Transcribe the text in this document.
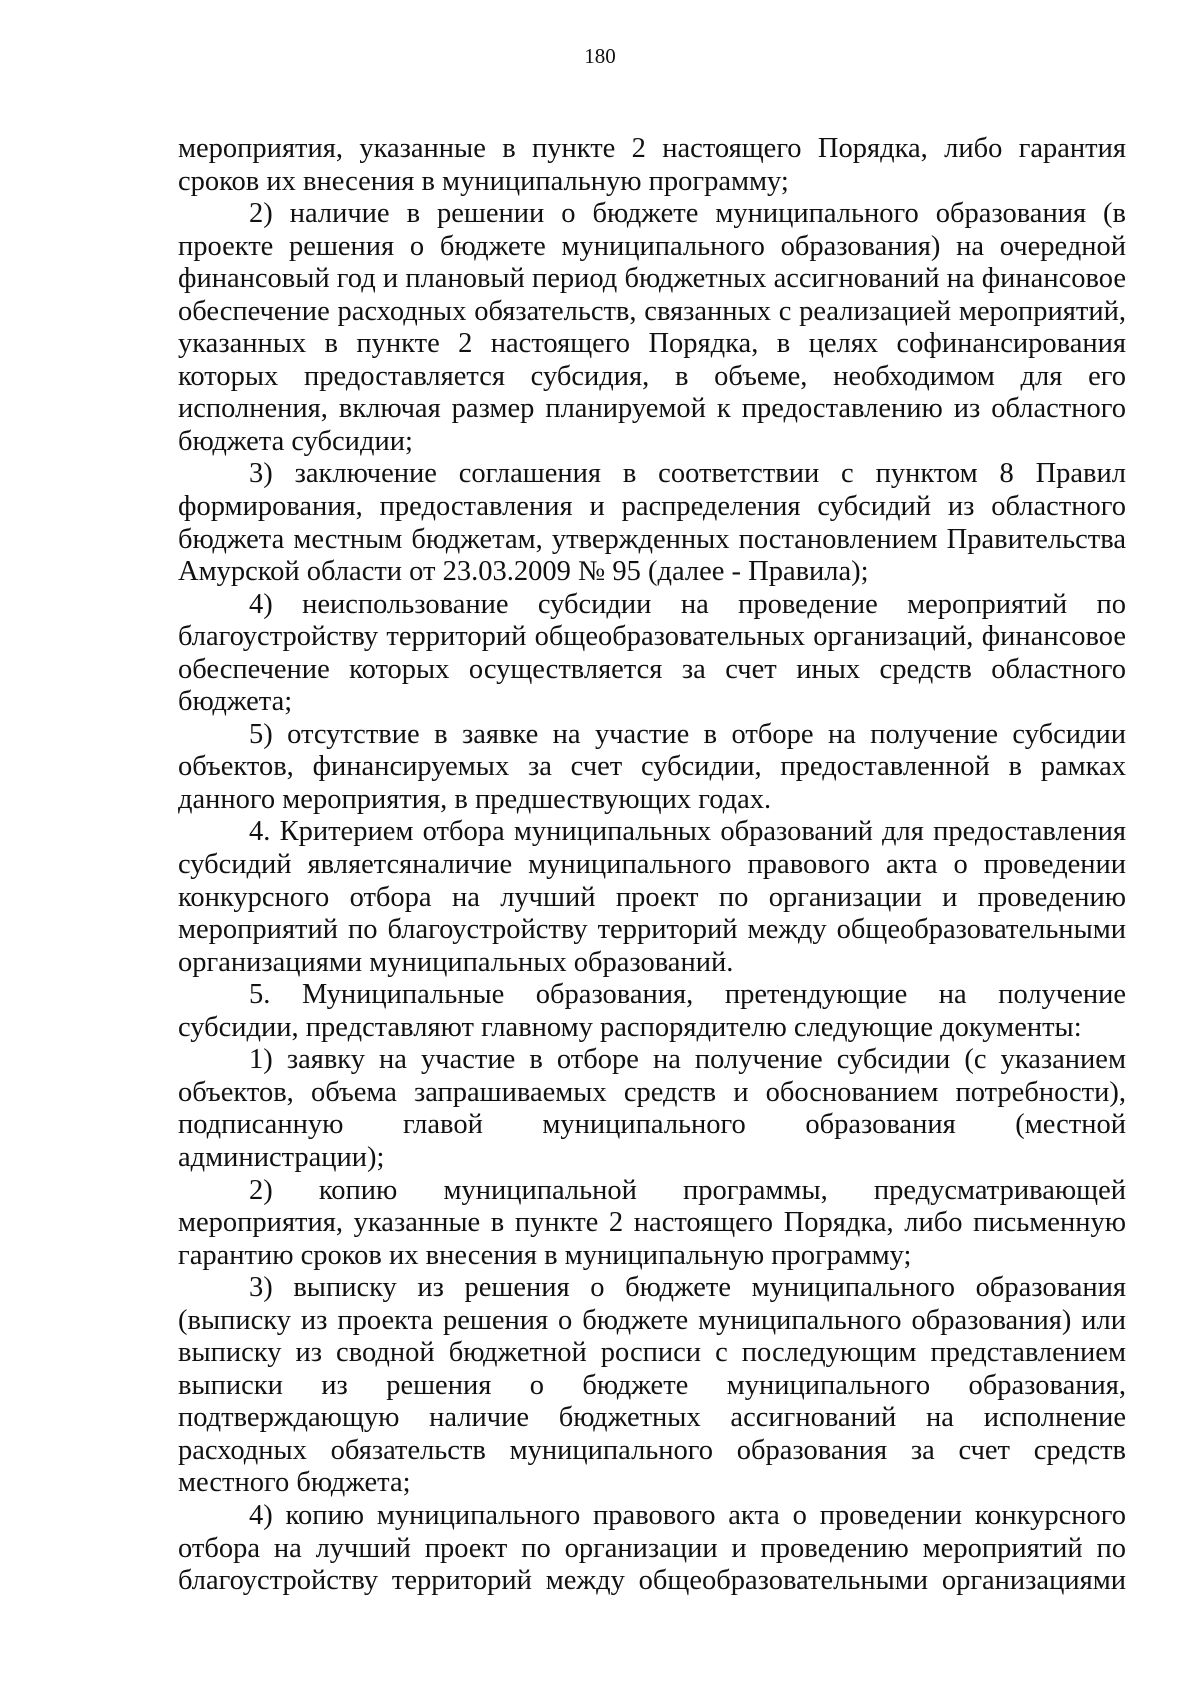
180

мероприятия, указанные в пункте 2 настоящего Порядка, либо гарантия сроков их внесения в муниципальную программу;

2) наличие в решении о бюджете муниципального образования (в проекте решения о бюджете муниципального образования) на очередной финансовый год и плановый период бюджетных ассигнований на финансовое обеспечение расходных обязательств, связанных с реализацией мероприятий, указанных в пункте 2 настоящего Порядка, в целях софинансирования которых предоставляется субсидия, в объеме, необходимом для его исполнения, включая размер планируемой к предоставлению из областного бюджета субсидии;

3) заключение соглашения в соответствии с пунктом 8 Правил формирования, предоставления и распределения субсидий из областного бюджета местным бюджетам, утвержденных постановлением Правительства Амурской области от 23.03.2009 № 95 (далее - Правила);

4) неиспользование субсидии на проведение мероприятий по благоустройству территорий общеобразовательных организаций, финансовое обеспечение которых осуществляется за счет иных средств областного бюджета;

5) отсутствие в заявке на участие в отборе на получение субсидии объектов, финансируемых за счет субсидии, предоставленной в рамках данного мероприятия, в предшествующих годах.

4. Критерием отбора муниципальных образований для предоставления субсидий являетсяналичие муниципального правового акта о проведении конкурсного отбора на лучший проект по организации и проведению мероприятий по благоустройству территорий между общеобразовательными организациями муниципальных образований.

5. Муниципальные образования, претендующие на получение субсидии, представляют главному распорядителю следующие документы:

1) заявку на участие в отборе на получение субсидии (с указанием объектов, объема запрашиваемых средств и обоснованием потребности), подписанную главой муниципального образования (местной администрации);

2) копию муниципальной программы, предусматривающей мероприятия, указанные в пункте 2 настоящего Порядка, либо письменную гарантию сроков их внесения в муниципальную программу;

3) выписку из решения о бюджете муниципального образования (выписку из проекта решения о бюджете муниципального образования) или выписку из сводной бюджетной росписи с последующим представлением выписки из решения о бюджете муниципального образования, подтверждающую наличие бюджетных ассигнований на исполнение расходных обязательств муниципального образования за счет средств местного бюджета;

4) копию муниципального правового акта о проведении конкурсного отбора на лучший проект по организации и проведению мероприятий по благоустройству территорий между общеобразовательными организациями
